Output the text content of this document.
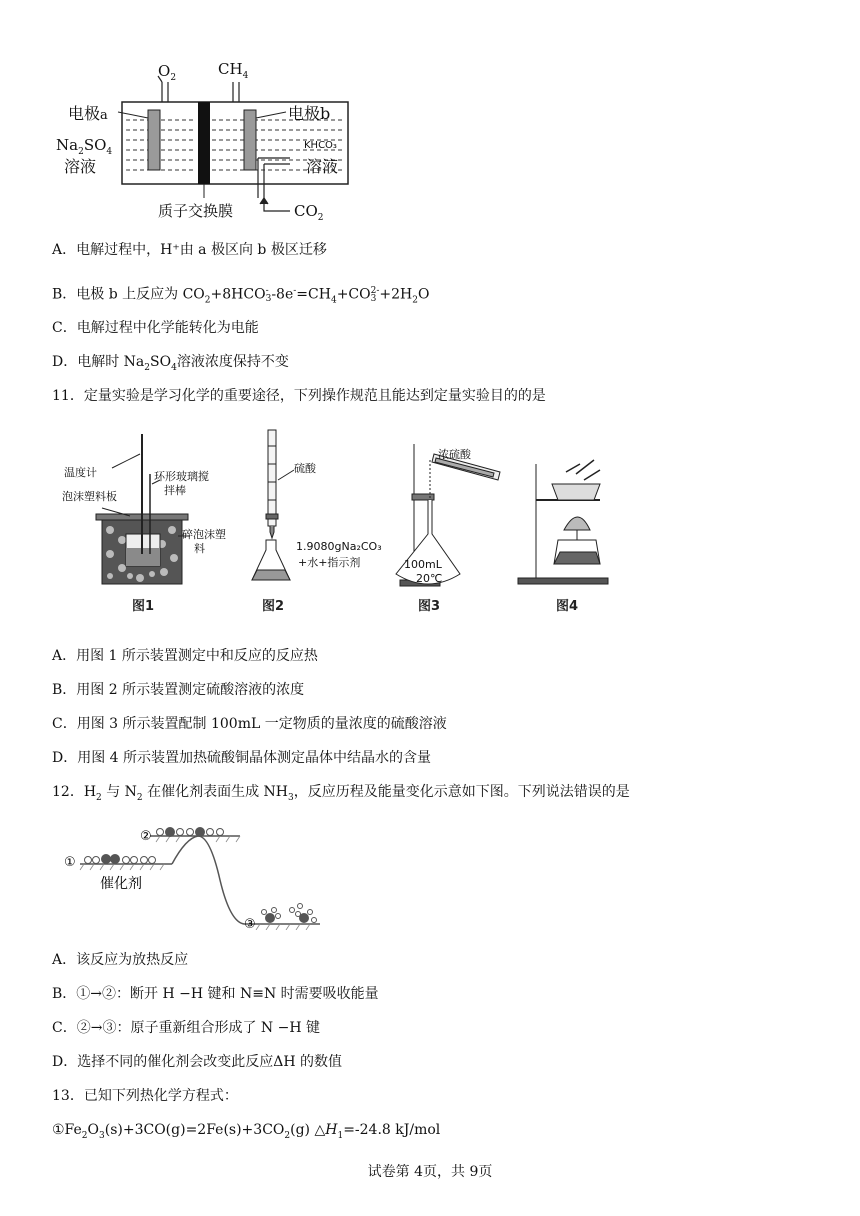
$O_2$	$CH_4$
电极a	电极b
$Na_2SO_4$
溶液
KHCO₃
溶液
质子交换膜	$CO_2$
A．电解过程中，H⁺由 a 极区向 b 极区迁移
B．电极 b 上反应为 $CO_2+8HCO-$
$3-8e^-=CH_4+CO2-$
$3 +2H_2O$
C．电解过程中化学能转化为电能
D．电解时 $Na_2SO_4$溶液浓度保持不变
11．定量实验是学习化学的重要途径，下列操作规范且能达到定量实验目的的是
温度计	环形玻璃搅
拌棒
泡沫塑料板
碎泡沫塑
料
图1
硫酸
1.9080gNa₂CO₃
+水+指示剂
图2
浓硫酸
100mL
20℃
图3	图4
A．用图 1 所示装置测定中和反应的反应热
B．用图 2 所示装置测定硫酸溶液的浓度
C．用图 3 所示装置配制 100mL 一定物质的量浓度的硫酸溶液
D．用图 4 所示装置加热硫酸铜晶体测定晶体中结晶水的含量
12．$H_2$ 与 $N_2$ 在催化剂表面生成 $NH_3$，反应历程及能量变化示意如下图。下列说法错误的是
②
①
③
催化剂
A．该反应为放热反应
B．①→②：断开 H −H 键和 N≡N 时需要吸收能量
C．②→③：原子重新组合形成了 N −H 键
D．选择不同的催化剂会改变此反应ΔH 的数值
13．已知下列热化学方程式：
$①Fe_2O_3(s)+3CO(g)=2Fe(s)+3CO_2(g)$ $\triangle H_1=-24.8$ kJ/mol
试卷第 4页，共 9页
